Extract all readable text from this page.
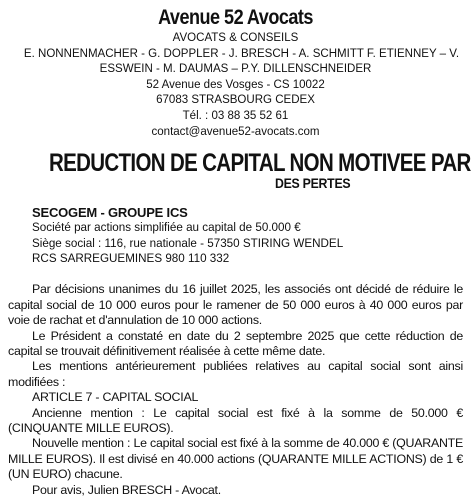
Avenue 52 Avocats
AVOCATS & CONSEILS
E. NONNENMACHER - G. DOPPLER - J. BRESCH - A. SCHMITT F. ETIENNEY – V.
ESSWEIN - M. DAUMAS – P.Y. DILLENSCHNEIDER
52 Avenue des Vosges - CS 10022
67083 STRASBOURG CEDEX
Tél. : 03 88 35 52 61
contact@avenue52-avocats.com
REDUCTION DE CAPITAL NON MOTIVEE PAR
DES PERTES
SECOGEM - GROUPE ICS
Société par actions simplifiée au capital de 50.000 €
Siège social : 116, rue nationale - 57350 STIRING WENDEL
RCS SARREGUEMINES 980 110 332

Par décisions unanimes du 16 juillet 2025, les associés ont décidé de réduire le capital social de 10 000 euros pour le ramener de 50 000 euros à 40 000 euros par voie de rachat et d'annulation de 10 000 actions.

Le Président a constaté en date du 2 septembre 2025 que cette réduction de capital se trouvait définitivement réalisée à cette même date.

Les mentions antérieurement publiées relatives au capital social sont ainsi modifiées :

ARTICLE 7 - CAPITAL SOCIAL

Ancienne mention : Le capital social est fixé à la somme de 50.000 € (CINQUANTE MILLE EUROS).

Nouvelle mention : Le capital social est fixé à la somme de 40.000 € (QUARANTE MILLE EUROS). Il est divisé en 40.000 actions (QUARANTE MILLE ACTIONS) de 1 € (UN EURO) chacune.

Pour avis, Julien BRESCH - Avocat.
